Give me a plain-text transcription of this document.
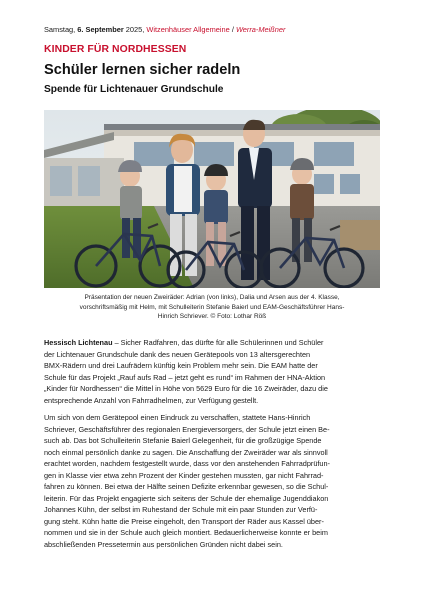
Samstag, 6. September 2025, Witzenhäuser Allgemeine / Werra-Meißner
KINDER FÜR NORDHESSEN
Schüler lernen sicher radeln
Spende für Lichtenauer Grundschule
Präsentation der neuen Zweiräder: Adrian (von links), Dalia und Arsen aus der 4. Klasse,
vorschriftsmäßig mit Helm, mit Schulleiterin Stefanie Baierl und EAM-Geschäftsführer Hans-
Hinrich Schriever. © Foto: Lothar Röß
Hessisch Lichtenau – Sicher Radfahren, das dürfte für alle Schülerinnen und Schüler
der Lichtenauer Grundschule dank des neuen Gerätepools von 13 altersgerechten
BMX-Rädern und drei Laufrädern künftig kein Problem mehr sein. Die EAM hatte der
Schule für das Projekt „Rauf aufs Rad – jetzt geht es rund“ im Rahmen der HNA-Aktion
„Kinder für Nordhessen“ die Mittel in Höhe von 5629 Euro für die 16 Zweiräder, dazu die
entsprechende Anzahl von Fahrradhelmen, zur Verfügung gestellt.
Um sich von dem Gerätepool einen Eindruck zu verschaffen, stattete Hans-Hinrich
Schriever, Geschäftsführer des regionalen Energieversorgers, der Schule jetzt einen Be-
such ab. Das bot Schulleiterin Stefanie Baierl Gelegenheit, für die großzügige Spende
noch einmal persönlich danke zu sagen. Die Anschaffung der Zweiräder war als sinnvoll
erachtet worden, nachdem festgestellt wurde, dass vor den anstehenden Fahrradprüfun-
gen in Klasse vier etwa zehn Prozent der Kinder gestehen mussten, gar nicht Fahrrad-
fahren zu können. Bei etwa der Hälfte seinen Defizite erkennbar gewesen, so die Schul-
leiterin. Für das Projekt engagierte sich seitens der Schule der ehemalige Jugenddiakon
Johannes Kühn, der selbst im Ruhestand der Schule mit ein paar Stunden zur Verfü-
gung steht. Kühn hatte die Preise eingeholt, den Transport der Räder aus Kassel über-
nommen und sie in der Schule auch gleich montiert. Bedauerlicherweise konnte er beim
abschließenden Pressetermin aus persönlichen Gründen nicht dabei sein.
